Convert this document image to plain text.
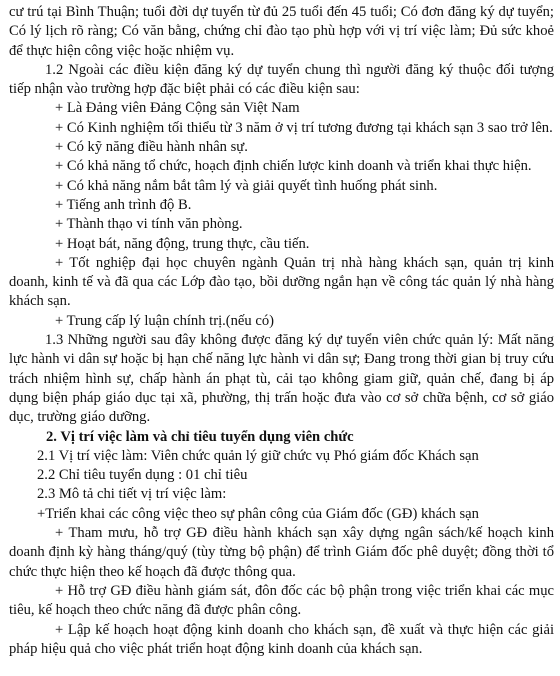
cư trú tại Bình Thuận; tuổi đời dự tuyển từ đủ 25 tuổi đến 45 tuổi; Có đơn đăng ký dự tuyển; Có lý lịch rõ ràng; Có văn bằng, chứng chỉ đào tạo phù hợp với vị trí việc làm; Đủ sức khoẻ để thực hiện công việc hoặc nhiệm vụ.

1.2 Ngoài các điều kiện đăng ký dự tuyển chung thì người đăng ký thuộc đối tượng tiếp nhận vào trường hợp đặc biệt phải có các điều kiện sau:

+ Là Đảng viên Đảng Cộng sản Việt Nam

+ Có Kinh nghiệm tối thiểu từ 3 năm ở vị trí tương đương tại khách sạn 3 sao trở lên.

+ Có kỹ năng điều hành nhân sự.

+ Có khả năng tổ chức, hoạch định chiến lược kinh doanh và triển khai thực hiện.

+ Có khả năng nắm bắt tâm lý và giải quyết tình huống phát sinh.

+ Tiếng anh trình độ B.

+ Thành thạo vi tính văn phòng.

+ Hoạt bát, năng động, trung thực, cầu tiến.

+ Tốt nghiệp đại học chuyên ngành Quản trị nhà hàng khách sạn, quản trị kinh doanh, kinh tế và đã qua các Lớp đào tạo, bồi dưỡng ngắn hạn về công tác quản lý nhà hàng khách sạn.

+ Trung cấp lý luận chính trị.(nếu có)

1.3 Những người sau đây không được đăng ký dự tuyển viên chức quản lý: Mất năng lực hành vi dân sự hoặc bị hạn chế năng lực hành vi dân sự; Đang trong thời gian bị truy cứu trách nhiệm hình sự, chấp hành án phạt tù, cải tạo không giam giữ, quản chế, đang bị áp dụng biện pháp giáo dục tại xã, phường, thị trấn hoặc đưa vào cơ sở chữa bệnh, cơ sở giáo dục, trường giáo dưỡng.

2. Vị trí việc làm và chỉ tiêu tuyển dụng viên chức

2.1 Vị trí việc làm: Viên chức quản lý giữ chức vụ Phó giám đốc Khách sạn

2.2 Chỉ tiêu tuyển dụng : 01 chỉ tiêu

2.3 Mô tả chi tiết vị trí việc làm:

+Triển khai các công việc theo sự phân công của Giám đốc (GĐ) khách sạn

+ Tham mưu, hỗ trợ GĐ điều hành khách sạn xây dựng ngân sách/kế hoạch kinh doanh định kỳ hàng tháng/quý (tùy từng bộ phận) để trình Giám đốc phê duyệt; đồng thời tổ chức thực hiện theo kế hoạch đã được thông qua.

+ Hỗ trợ GĐ điều hành giám sát, đôn đốc các bộ phận trong việc triển khai các mục tiêu, kế hoạch theo chức năng đã được phân công.

+ Lập kế hoạch hoạt động kinh doanh cho khách sạn, đề xuất và thực hiện các giải pháp hiệu quả cho việc phát triển hoạt động kinh doanh của khách sạn.
